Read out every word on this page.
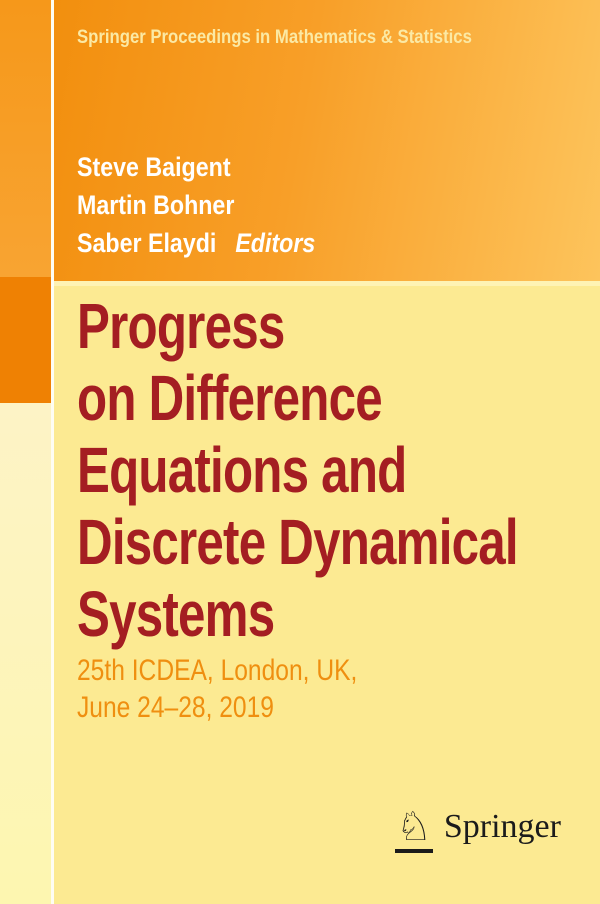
Springer Proceedings in Mathematics & Statistics
Steve Baigent
Martin Bohner
Saber Elaydi Editors
Progress
on Difference
Equations and
Discrete Dynamical
Systems
25th ICDEA, London, UK,
June 24–28, 2019
♘ Springer
